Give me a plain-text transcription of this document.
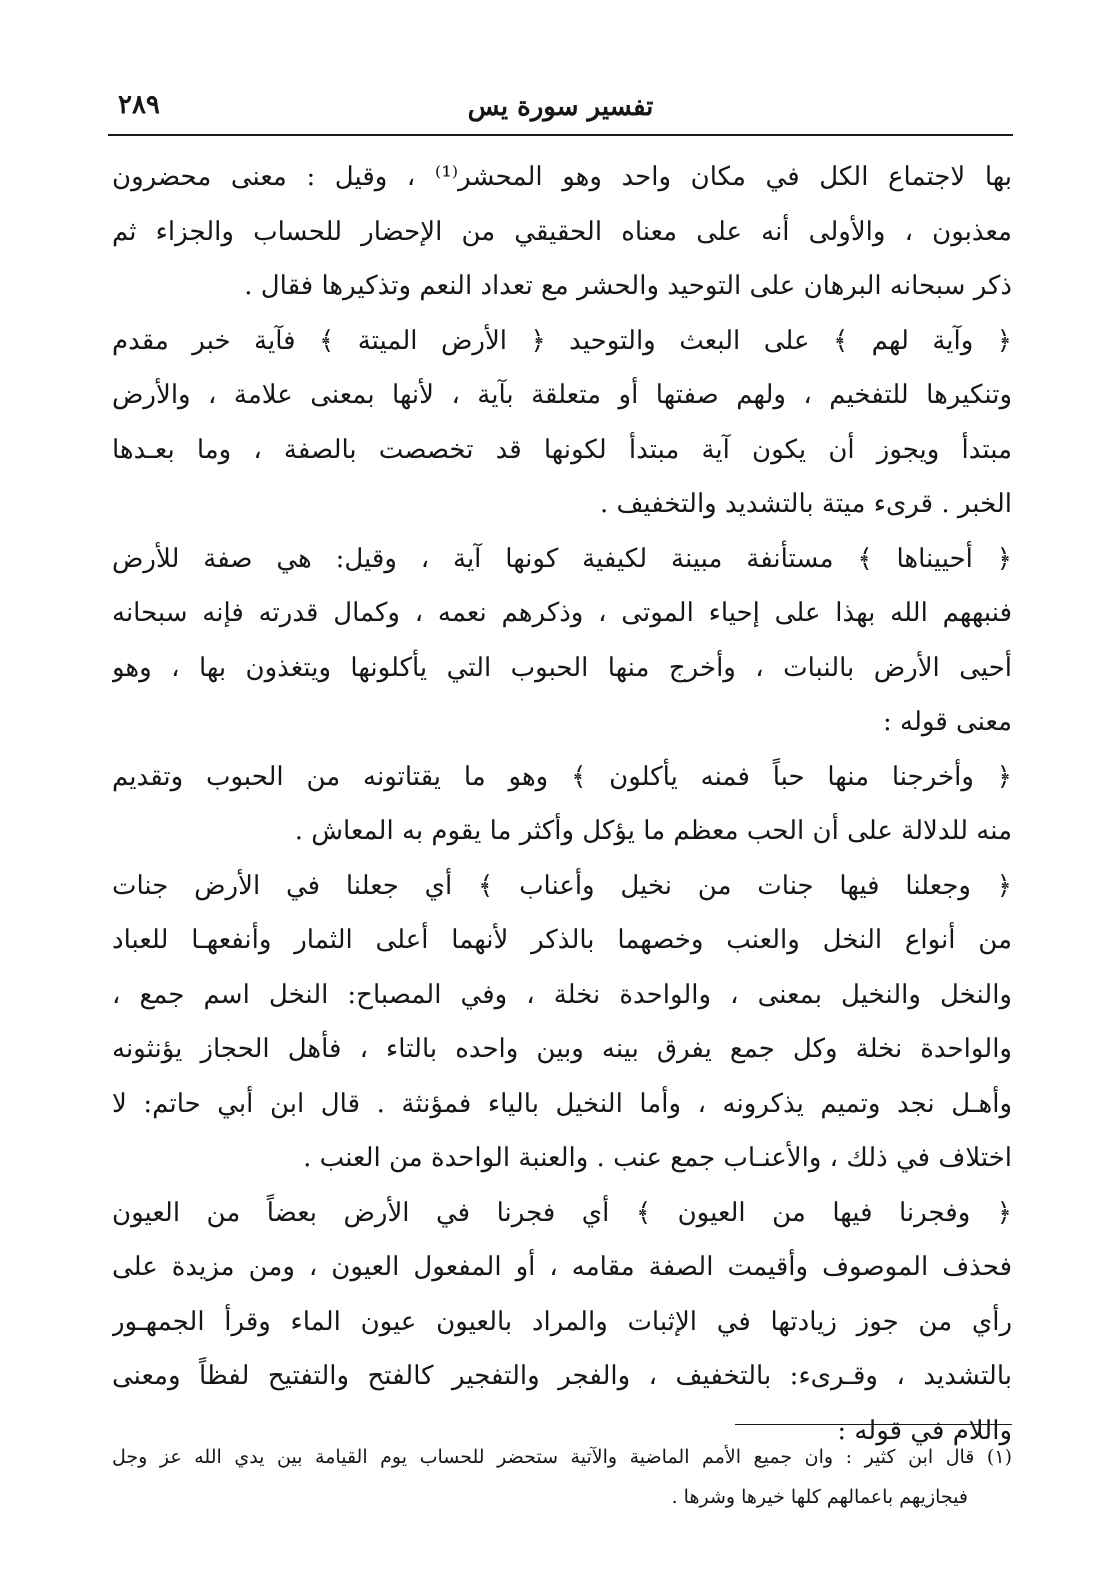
تفسير سورة يس
٢٨٩
بها لاجتماع الكل في مكان واحد وهو المحشر⁽¹⁾ ، وقيل : معنى محضرون
معذبون ، والأولى أنه على معناه الحقيقي من الإحضار للحساب والجزاء ثم
ذكر سبحانه البرهان على التوحيد والحشر مع تعداد النعم وتذكيرها فقال .
﴿ وآية لهم ﴾ على البعث والتوحيد ﴿ الأرض الميتة ﴾ فآية خبر مقدم
وتنكيرها للتفخيم ، ولهم صفتها أو متعلقة بآية ، لأنها بمعنى علامة ، والأرض
مبتدأ ويجوز أن يكون آية مبتدأ لكونها قد تخصصت بالصفة ، وما بعـدها
الخبر . قرىء ميتة بالتشديد والتخفيف .
﴿ أحييناها ﴾ مستأنفة مبينة لكيفية كونها آية ، وقيل: هي صفة للأرض
فنبههم الله بهذا على إحياء الموتى ، وذكرهم نعمه ، وكمال قدرته فإنه سبحانه
أحيى الأرض بالنبات ، وأخرج منها الحبوب التي يأكلونها ويتغذون بها ، وهو
معنى قوله :
﴿ وأخرجنا منها حباً فمنه يأكلون ﴾ وهو ما يقتاتونه من الحبوب وتقديم
منه للدلالة على أن الحب معظم ما يؤكل وأكثر ما يقوم به المعاش .
﴿ وجعلنا فيها جنات من نخيل وأعناب ﴾ أي جعلنا في الأرض جنات
من أنواع النخل والعنب وخصهما بالذكر لأنهما أعلى الثمار وأنفعهـا للعباد
والنخل والنخيل بمعنى ، والواحدة نخلة ، وفي المصباح: النخل اسم جمع ،
والواحدة نخلة وكل جمع يفرق بينه وبين واحده بالتاء ، فأهل الحجاز يؤنثونه
وأهـل نجد وتميم يذكرونه ، وأما النخيل بالياء فمؤنثة . قال ابن أبي حاتم: لا
اختلاف في ذلك ، والأعنـاب جمع عنب . والعنبة الواحدة من العنب .
﴿ وفجرنا فيها من العيون ﴾ أي فجرنا في الأرض بعضاً من العيون
فحذف الموصوف وأقيمت الصفة مقامه ، أو المفعول العيون ، ومن مزيدة على
رأي من جوز زيادتها في الإثبات والمراد بالعيون عيون الماء وقرأ الجمهـور
بالتشديد ، وقـرىء: بالتخفيف ، والفجر والتفجير كالفتح والتفتيح لفظاً ومعنى
واللام في قوله :
(١) قال ابن كثير : وان جميع الأمم الماضية والآتية ستحضر للحساب يوم القيامة بين يدي الله عز وجل
فيجازيهم باعمالهم كلها خيرها وشرها .
